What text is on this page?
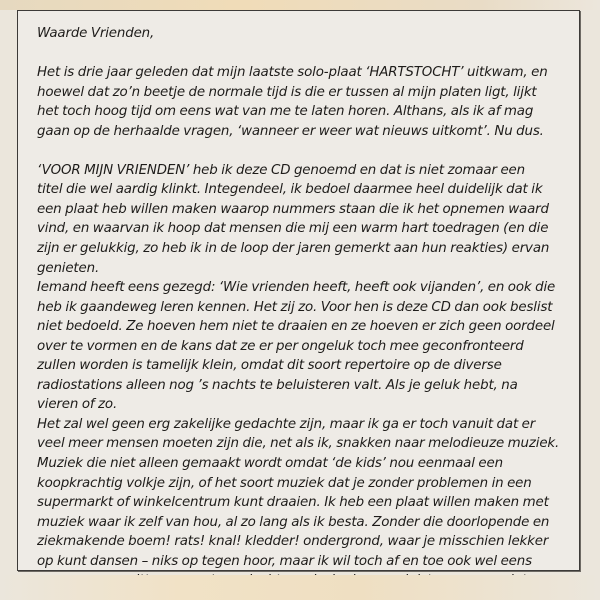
Waarde Vrienden,
Het is drie jaar geleden dat mijn laatste solo-plaat ‘HARTSTOCHT’ uitkwam, en
hoewel dat zo’n beetje de normale tijd is die er tussen al mijn platen ligt, lijkt
het toch hoog tijd om eens wat van me te laten horen. Althans, als ik af mag
gaan op de herhaalde vragen, ‘wanneer er weer wat nieuws uitkomt’. Nu dus.
‘VOOR MIJN VRIENDEN’ heb ik deze CD genoemd en dat is niet zomaar een
titel die wel aardig klinkt. Integendeel, ik bedoel daarmee heel duidelijk dat ik
een plaat heb willen maken waarop nummers staan die ik het opnemen waard
vind, en waarvan ik hoop dat mensen die mij een warm hart toedragen (en die
zijn er gelukkig, zo heb ik in de loop der jaren gemerkt aan hun reakties) ervan
genieten.
Iemand heeft eens gezegd: ‘Wie vrienden heeft, heeft ook vijanden’, en ook die
heb ik gaandeweg leren kennen. Het zij zo. Voor hen is deze CD dan ook beslist
niet bedoeld. Ze hoeven hem niet te draaien en ze hoeven er zich geen oordeel
over te vormen en de kans dat ze er per ongeluk toch mee geconfronteerd
zullen worden is tamelijk klein, omdat dit soort repertoire op de diverse
radiostations alleen nog ’s nachts te beluisteren valt. Als je geluk hebt, na
vieren of zo.
Het zal wel geen erg zakelijke gedachte zijn, maar ik ga er toch vanuit dat er
veel meer mensen moeten zijn die, net als ik, snakken naar melodieuze muziek.
Muziek die niet alleen gemaakt wordt omdat ‘de kids’ nou eenmaal een
koopkrachtig volkje zijn, of het soort muziek dat je zonder problemen in een
supermarkt of winkelcentrum kunt draaien. Ik heb een plaat willen maken met
muziek waar ik zelf van hou, al zo lang als ik besta. Zonder die doorlopende en
ziekmakende boem! rats! knal! kledder! ondergrond, waar je misschien lekker
op kunt dansen – niks op tegen hoor, maar ik wil toch af en toe ook wel eens
